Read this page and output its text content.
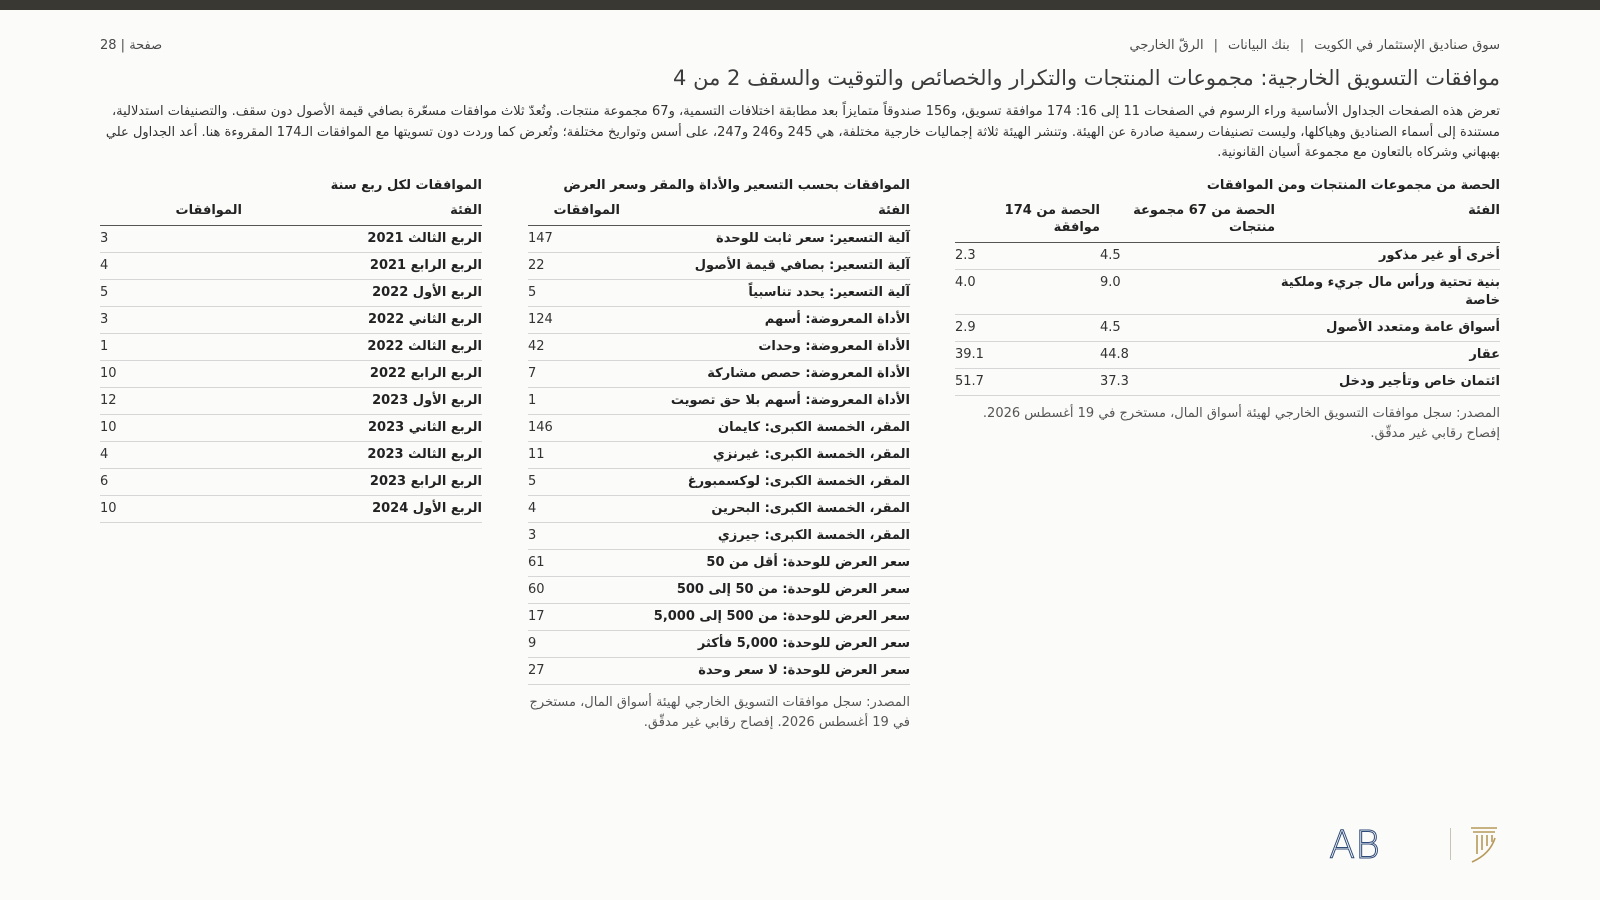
سوق صناديق الإستثمار في الكويت
|
بنك البيانات
|
الرقّ الخارجي
صفحة | 28
موافقات التسويق الخارجية: مجموعات المنتجات والتكرار والخصائص والتوقيت والسقف 2 من 4

تعرض هذه الصفحات الجداول الأساسية وراء الرسوم في الصفحات 11 إلى 16: 174 موافقة تسويق، و156 صندوقاً متمايزاً بعد مطابقة اختلافات التسمية، و67 مجموعة منتجات. وتُعدّ ثلاث موافقات مسعّرة بصافي قيمة الأصول دون سقف. والتصنيفات استدلالية، مستندة إلى أسماء الصناديق وهياكلها، وليست تصنيفات رسمية صادرة عن الهيئة. وتنشر الهيئة ثلاثة إجماليات خارجية مختلفة، هي 245 و246 و247، على أسس وتواريخ مختلفة؛ وتُعرض كما وردت دون تسويتها مع الموافقات الـ174 المقروءة هنا. أعد الجداول علي بهبهاني وشركاه بالتعاون مع مجموعة أسيان القانونية.

الحصة من مجموعات المنتجات ومن الموافقات
الفئة	الحصة من 67 مجموعة منتجات	الحصة من 174 موافقة
أخرى أو غير مذكور	4.5	2.3
بنية تحتية ورأس مال جريء وملكية خاصة	9.0	4.0
أسواق عامة ومتعدد الأصول	4.5	2.9
عقار	44.8	39.1
ائتمان خاص وتأجير ودخل	37.3	51.7
المصدر: سجل موافقات التسويق الخارجي لهيئة أسواق المال، مستخرج في 19 أغسطس 2026. إفصاح رقابي غير مدقّق.
الموافقات بحسب التسعير والأداة والمقر وسعر العرض
الفئة	الموافقات
آلية التسعير: سعر ثابت للوحدة	147
آلية التسعير: بصافي قيمة الأصول	22
آلية التسعير: يحدد تناسبياً	5
الأداة المعروضة: أسهم	124
الأداة المعروضة: وحدات	42
الأداة المعروضة: حصص مشاركة	7
الأداة المعروضة: أسهم بلا حق تصويت	1
المقر، الخمسة الكبرى: كايمان	146
المقر، الخمسة الكبرى: غيرنزي	11
المقر، الخمسة الكبرى: لوكسمبورغ	5
المقر، الخمسة الكبرى: البحرين	4
المقر، الخمسة الكبرى: جيرزي	3
سعر العرض للوحدة: أقل من 50	61
سعر العرض للوحدة: من 50 إلى 500	60
سعر العرض للوحدة: من 500 إلى 5,000	17
سعر العرض للوحدة: 5,000 فأكثر	9
سعر العرض للوحدة: لا سعر وحدة	27
المصدر: سجل موافقات التسويق الخارجي لهيئة أسواق المال، مستخرج في 19 أغسطس 2026. إفصاح رقابي غير مدقّق.
الموافقات لكل ربع سنة
الفئة	الموافقات
الربع الثالث 2021	3
الربع الرابع 2021	4
الربع الأول 2022	5
الربع الثاني 2022	3
الربع الثالث 2022	1
الربع الرابع 2022	10
الربع الأول 2023	12
الربع الثاني 2023	10
الربع الثالث 2023	4
الربع الرابع 2023	6
الربع الأول 2024	10
AB
